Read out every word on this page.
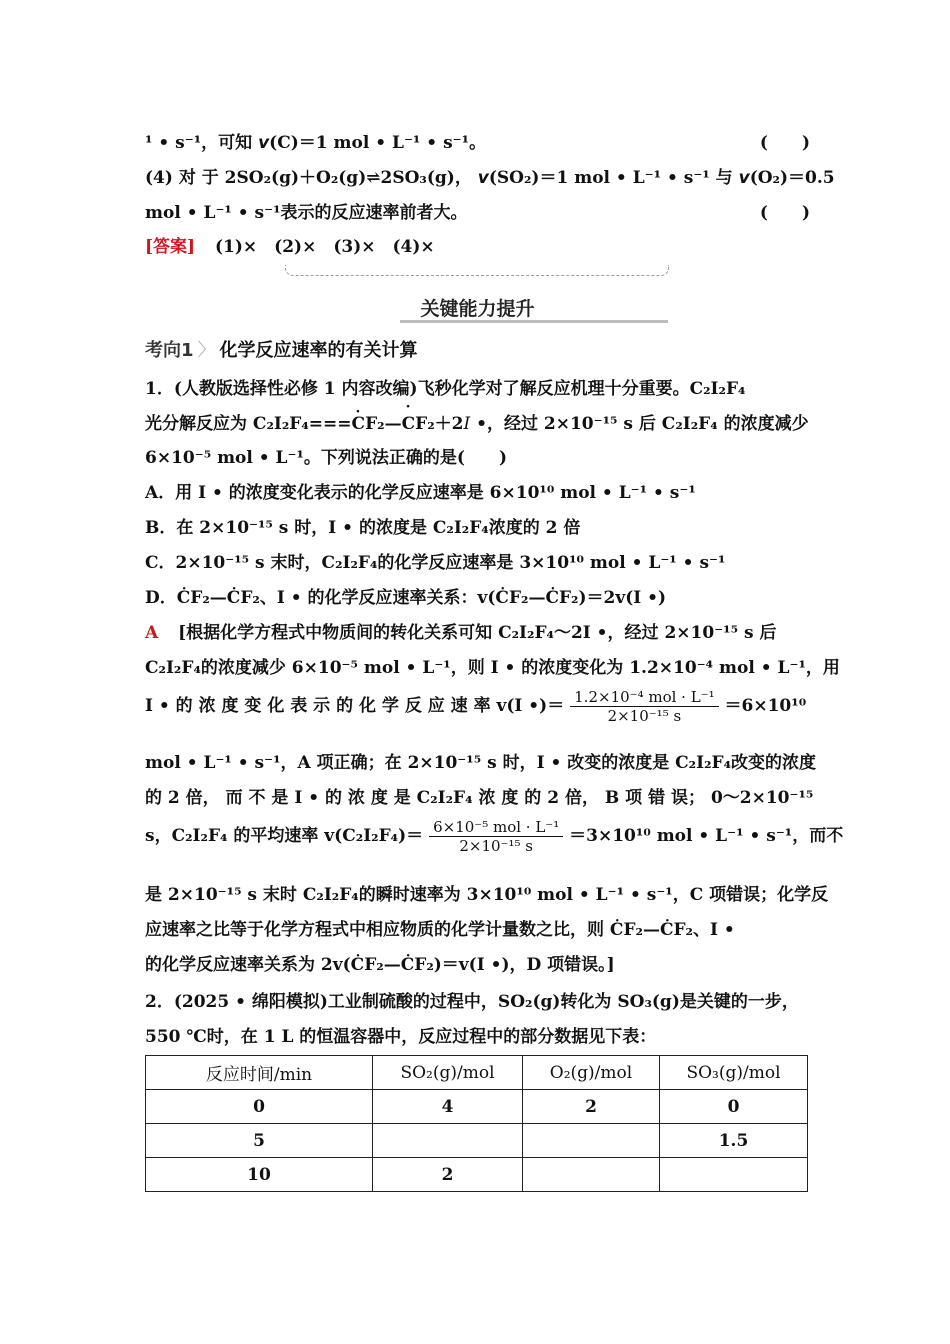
¹ • s⁻¹，可知 v(C)＝1 mol • L⁻¹ • s⁻¹。	(　　)
(4) 对 于 2SO₂(g)＋O₂(g)⇌2SO₃(g)， v(SO₂)＝1 mol • L⁻¹ • s⁻¹ 与 v(O₂)＝0.5
mol • L⁻¹ • s⁻¹表示的反应速率前者大。	(　　)
[答案] (1)×　(2)×　(3)×　(4)×
关键能力提升
考向1 〉 化学反应速率的有关计算
1．(人教版选择性必修 1 内容改编)飞秒化学对了解反应机理十分重要。C₂I₂F₄
光分解反应为 C₂I₂F₄===· CF₂—· CF₂＋2I •，经过 2×10⁻¹⁵ s 后 C₂I₂F₄ 的浓度减少
6×10⁻⁵ mol • L⁻¹。下列说法正确的是(　　)
A．用 I • 的浓度变化表示的化学反应速率是 6×10¹⁰ mol • L⁻¹ • s⁻¹
B．在 2×10⁻¹⁵ s 时，I • 的浓度是 C₂I₂F₄浓度的 2 倍
C．2×10⁻¹⁵ s 末时，C₂I₂F₄的化学反应速率是 3×10¹⁰ mol • L⁻¹ • s⁻¹
D．ĊF₂—ĊF₂、I • 的化学反应速率关系：v(ĊF₂—ĊF₂)＝2v(I •)
A [根据化学方程式中物质间的转化关系可知 C₂I₂F₄～2I •，经过 2×10⁻¹⁵ s 后
C₂I₂F₄的浓度减少 6×10⁻⁵ mol • L⁻¹，则 I • 的浓度变化为 1.2×10⁻⁴ mol • L⁻¹，用
I • 的 浓 度 变 化 表 示 的 化 学 反 应 速 率 v(I •)＝ $\frac{\text{1.2×10⁻⁴ mol · L⁻¹}}{\text{2×10⁻¹⁵ s}} =6\times 10^{10}$
mol • L⁻¹ • s⁻¹，A 项正确；在 2×10⁻¹⁵ s 时，I • 改变的浓度是 C₂I₂F₄改变的浓度
的 2 倍， 而 不 是 I • 的 浓 度 是 C₂I₂F₄ 浓 度 的 2 倍， B 项 错 误； 0～2×10⁻¹⁵
s，C₂I₂F₄ 的平均速率 $v(C_2I_2F_4)= \frac{\text{6×10⁻⁵ mol · L⁻¹}}{\text{2×10⁻¹⁵ s}} =3\times 10^{10}$ mol • L⁻¹ • s⁻¹，而不
是 2×10⁻¹⁵ s 末时 C₂I₂F₄的瞬时速率为 3×10¹⁰ mol • L⁻¹ • s⁻¹，C 项错误；化学反
应速率之比等于化学方程式中相应物质的化学计量数之比，则 ĊF₂—ĊF₂、I •
的化学反应速率关系为 2v(ĊF₂—ĊF₂)＝v(I •)，D 项错误。]
2．(2025 • 绵阳模拟)工业制硫酸的过程中，SO₂(g)转化为 SO₃(g)是关键的一步，
550 ℃时，在 1 L 的恒温容器中，反应过程中的部分数据见下表：
反应时间/min	SO₂(g)/mol	O₂(g)/mol	SO₃(g)/mol
0	4	2	0
5			1.5
10	2		
